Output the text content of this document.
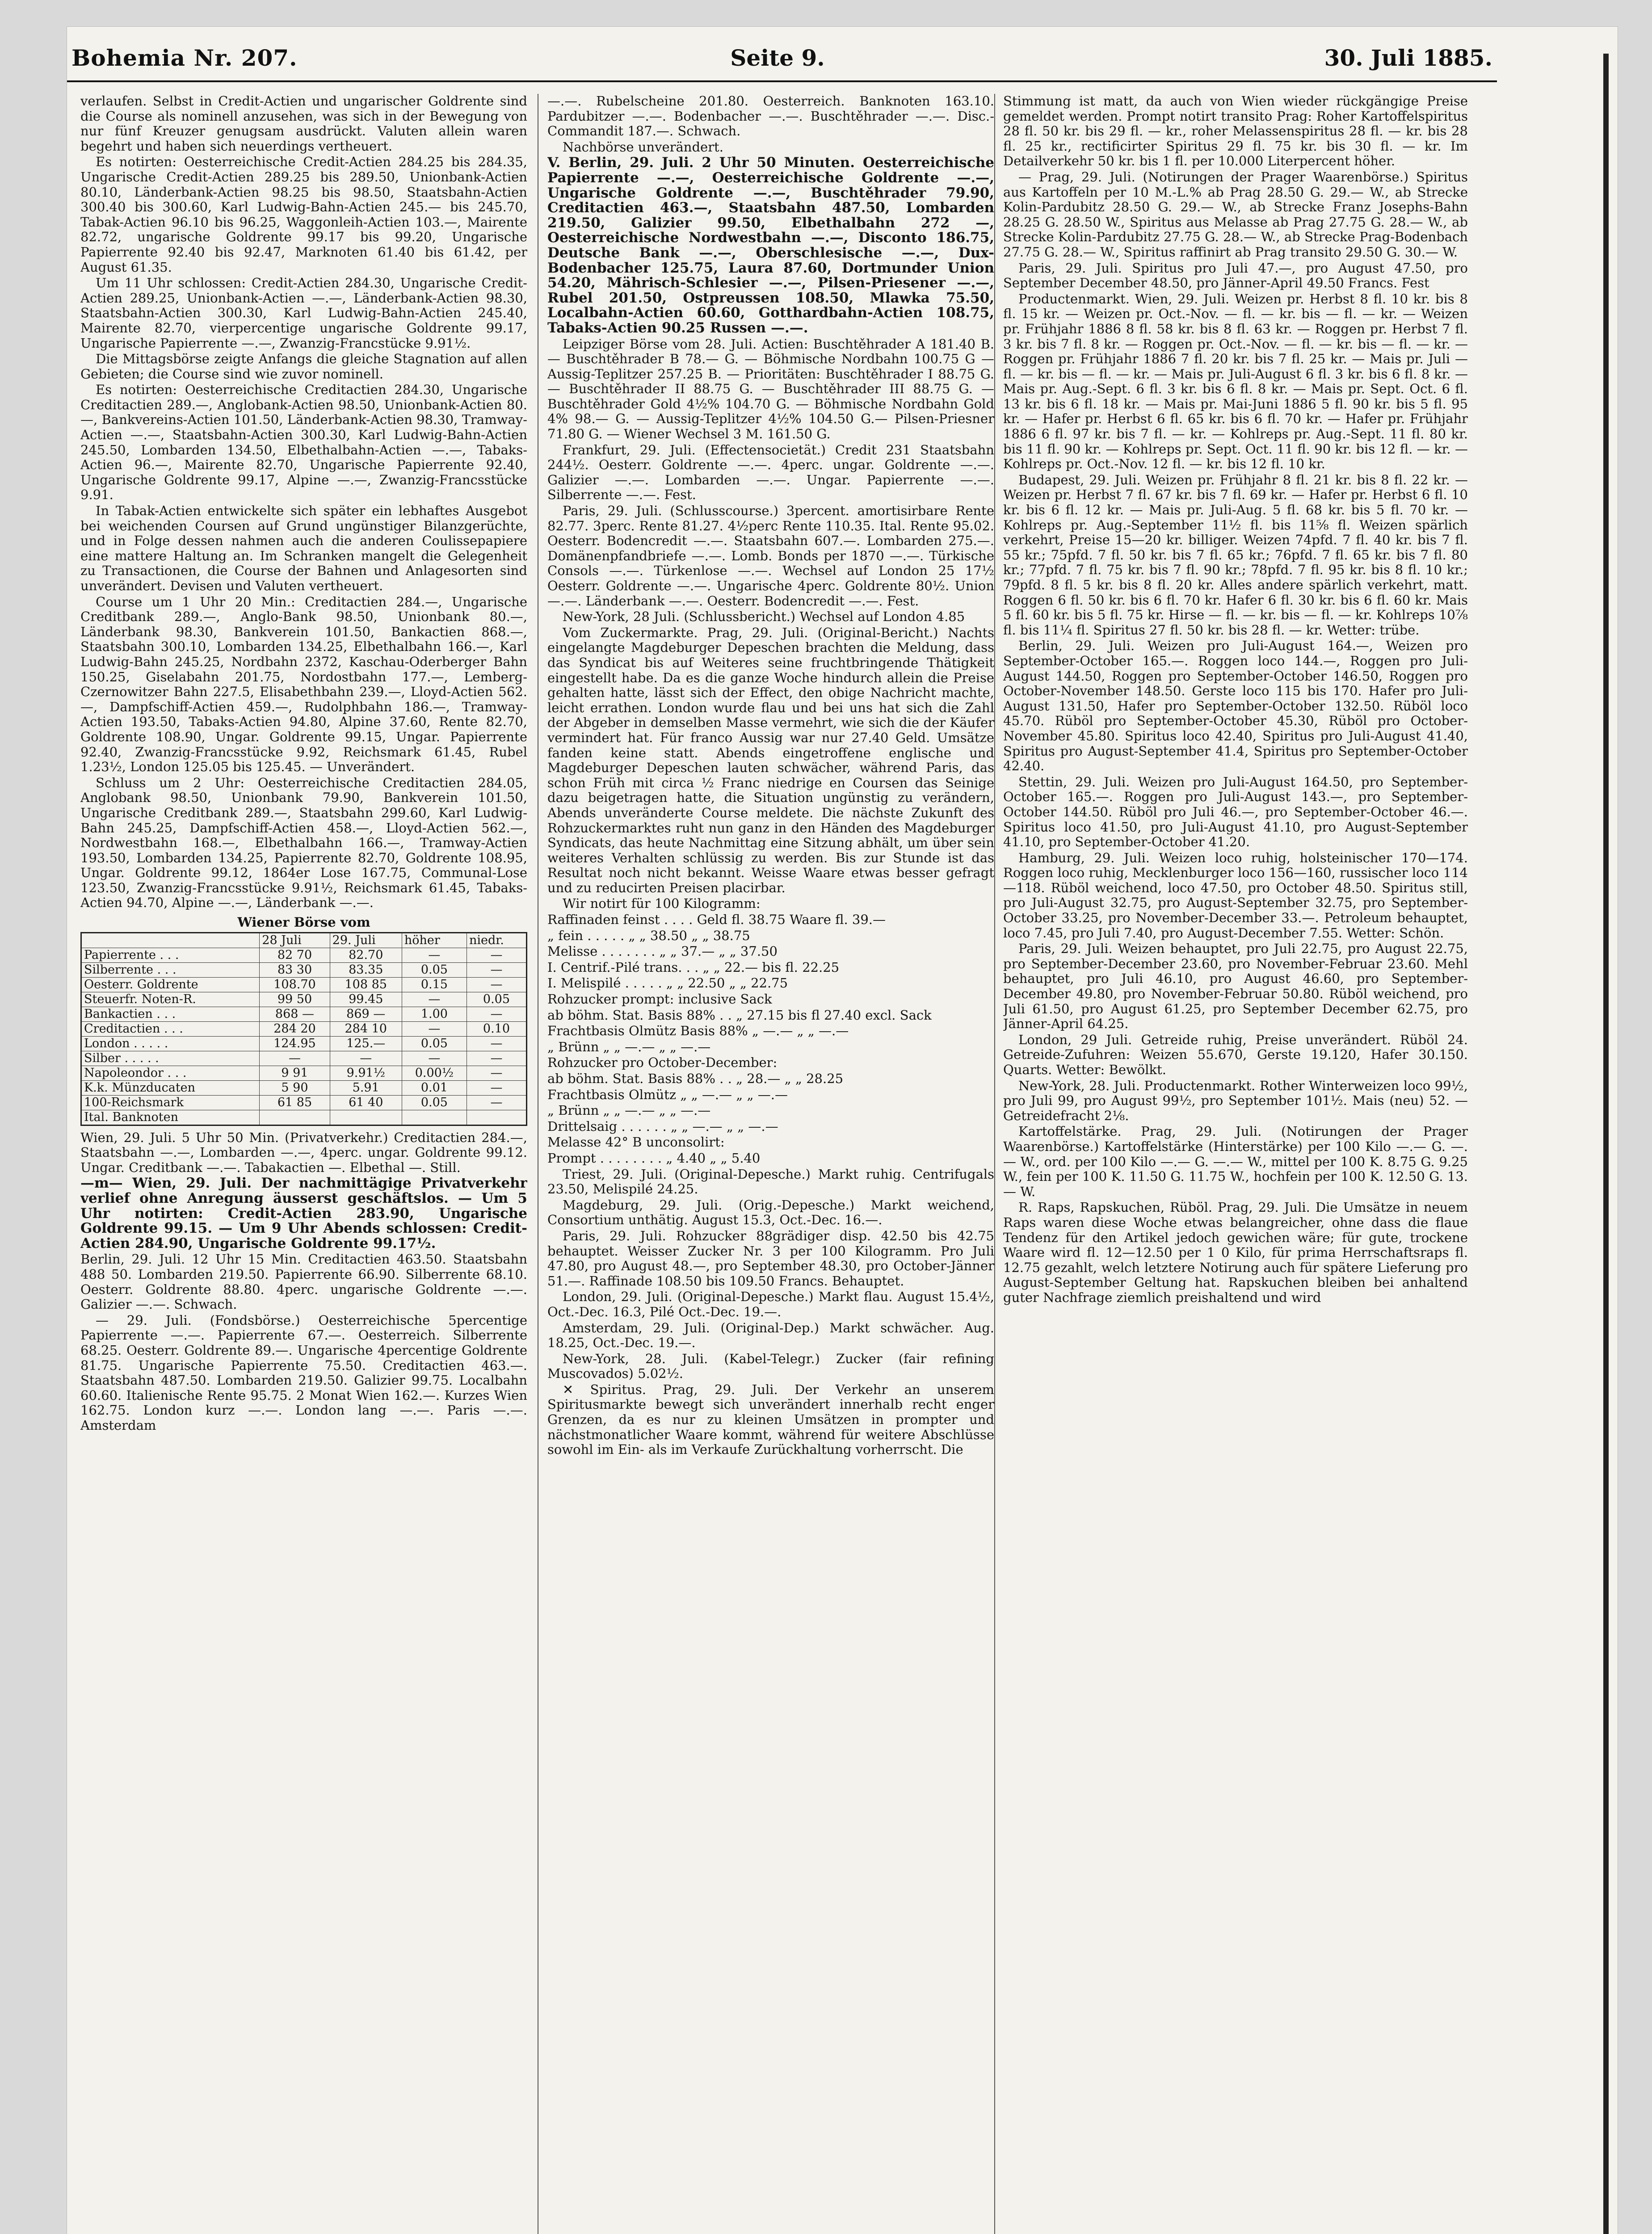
Bohemia Nr. 207.	Seite 9.	30. Juli 1885.

verlaufen. Selbst in Credit-Actien und ungarischer Goldrente sind die Course als nominell anzusehen, was sich in der Bewegung von nur fünf Kreuzer genugsam ausdrückt. Valuten allein waren begehrt und haben sich neuerdings vertheuert.

Es notirten: Oesterreichische Credit-Actien 284.25 bis 284.35, Ungarische Credit-Actien 289.25 bis 289.50, Unionbank-Actien 80.10, Länderbank-Actien 98.25 bis 98.50, Staatsbahn-Actien 300.40 bis 300.60, Karl Ludwig-Bahn-Actien 245.— bis 245.70, Tabak-Actien 96.10 bis 96.25, Waggonleih-Actien 103.—, Mairente 82.72, ungarische Goldrente 99.17 bis 99.20, Ungarische Papierrente 92.40 bis 92.47, Marknoten 61.40 bis 61.42, per August 61.35.

Um 11 Uhr schlossen: Credit-Actien 284.30, Ungarische Credit-Actien 289.25, Unionbank-Actien —.—, Länderbank-Actien 98.30, Staatsbahn-Actien 300.30, Karl Ludwig-Bahn-Actien 245.40, Mairente 82.70, vierpercentige ungarische Goldrente 99.17, Ungarische Papierrente —.—, Zwanzig-Francstücke 9.91½.

Die Mittagsbörse zeigte Anfangs die gleiche Stagnation auf allen Gebieten; die Course sind wie zuvor nominell.

Es notirten: Oesterreichische Creditactien 284.30, Ungarische Creditactien 289.—, Anglobank-Actien 98.50, Unionbank-Actien 80.—, Bankvereins-Actien 101.50, Länderbank-Actien 98.30, Tramway-Actien —.—, Staatsbahn-Actien 300.30, Karl Ludwig-Bahn-Actien 245.50, Lombarden 134.50, Elbethalbahn-Actien —.—, Tabaks-Actien 96.—, Mairente 82.70, Ungarische Papierrente 92.40, Ungarische Goldrente 99.17, Alpine —.—, Zwanzig-Francsstücke 9.91.

In Tabak-Actien entwickelte sich später ein lebhaftes Ausgebot bei weichenden Coursen auf Grund ungünstiger Bilanzgerüchte, und in Folge dessen nahmen auch die anderen Coulissepapiere eine mattere Haltung an. Im Schranken mangelt die Gelegenheit zu Transactionen, die Course der Bahnen und Anlagesorten sind unverändert. Devisen und Valuten vertheuert.

Course um 1 Uhr 20 Min.: Creditactien 284.—, Ungarische Creditbank 289.—, Anglo-Bank 98.50, Unionbank 80.—, Länderbank 98.30, Bankverein 101.50, Bankactien 868.—, Staatsbahn 300.10, Lombarden 134.25, Elbethalbahn 166.—, Karl Ludwig-Bahn 245.25, Nordbahn 2372, Kaschau-Oderberger Bahn 150.25, Giselabahn 201.75, Nordostbahn 177.—, Lemberg-Czernowitzer Bahn 227.5, Elisabethbahn 239.—, Lloyd-Actien 562.—, Dampfschiff-Actien 459.—, Rudolphbahn 186.—, Tramway-Actien 193.50, Tabaks-Actien 94.80, Alpine 37.60, Rente 82.70, Goldrente 108.90, Ungar. Goldrente 99.15, Ungar. Papierrente 92.40, Zwanzig-Francsstücke 9.92, Reichsmark 61.45, Rubel 1.23½, London 125.05 bis 125.45. — Unverändert.

Schluss um 2 Uhr: Oesterreichische Creditactien 284.05, Anglobank 98.50, Unionbank 79.90, Bankverein 101.50, Ungarische Creditbank 289.—, Staatsbahn 299.60, Karl Ludwig-Bahn 245.25, Dampfschiff-Actien 458.—, Lloyd-Actien 562.—, Nordwestbahn 168.—, Elbethalbahn 166.—, Tramway-Actien 193.50, Lombarden 134.25, Papierrente 82.70, Goldrente 108.95, Ungar. Goldrente 99.12, 1864er Lose 167.75, Communal-Lose 123.50, Zwanzig-Francsstücke 9.91½, Reichsmark 61.45, Tabaks-Actien 94.70, Alpine —.—, Länderbank —.—.

Wiener Börse vom
	28 Juli	29. Juli	höher	niedr.
Papierrente . . .	82 70	82.70	—	—
Silberrente . . .	83 30	83.35	0.05	—
Oesterr. Goldrente	108.70	108 85	0.15	—
Steuerfr. Noten-R.	99 50	99.45	—	0.05
Bankactien . . .	868 —	869 —	1.00	—
Creditactien . . .	284 20	284 10	—	0.10
London . . . . .	124.95	125.—	0.05	—
Silber . . . . .	—	—	—	—
Napoleondor . . .	9 91	9.91½	0.00½	—
K.k. Münzducaten	5 90	5.91	0.01	—
100-Reichsmark	61 85	61 40	0.05	—
Ital. Banknoten				

Wien, 29. Juli. 5 Uhr 50 Min. (Privatverkehr.) Creditactien 284.—, Staatsbahn —.—, Lombarden —.—, 4perc. ungar. Goldrente 99.12. Ungar. Creditbank —.—. Tabakactien —. Elbethal —. Still.

—m— Wien, 29. Juli. Der nachmittägige Privatverkehr verlief ohne Anregung äusserst geschäftslos. — Um 5 Uhr notirten: Credit-Actien 283.90, Ungarische Goldrente 99.15. — Um 9 Uhr Abends schlossen: Credit-Actien 284.90, Ungarische Goldrente 99.17½.

Berlin, 29. Juli. 12 Uhr 15 Min. Creditactien 463.50. Staatsbahn 488 50. Lombarden 219.50. Papierrente 66.90. Silberrente 68.10. Oesterr. Goldrente 88.80. 4perc. ungarische Goldrente —.—. Galizier —.—. Schwach.

— 29. Juli. (Fondsbörse.) Oesterreichische 5percentige Papierrente —.—. Papierrente 67.—. Oesterreich. Silberrente 68.25. Oesterr. Goldrente 89.—. Ungarische 4percentige Goldrente 81.75. Ungarische Papierrente 75.50. Creditactien 463.—. Staatsbahn 487.50. Lombarden 219.50. Galizier 99.75. Localbahn 60.60. Italienische Rente 95.75. 2 Monat Wien 162.—. Kurzes Wien 162.75. London kurz —.—. London lang —.—. Paris —.—. Amsterdam

—.—. Rubelscheine 201.80. Oesterreich. Banknoten 163.10. Pardubitzer —.—. Bodenbacher —.—. Buschtěhrader —.—. Disc.-Commandit 187.—. Schwach.

Nachbörse unverändert.

V. Berlin, 29. Juli. 2 Uhr 50 Minuten. Oesterreichische Papierrente —.—, Oesterreichische Goldrente —.—, Ungarische Goldrente —.—, Buschtěhrader 79.90, Creditactien 463.—, Staatsbahn 487.50, Lombarden 219.50, Galizier 99.50, Elbethalbahn 272 —, Oesterreichische Nordwestbahn —.—, Disconto 186.75, Deutsche Bank —.—, Oberschlesische —.—, Dux-Bodenbacher 125.75, Laura 87.60, Dortmunder Union 54.20, Mährisch-Schlesier —.—, Pilsen-Priesener —.—, Rubel 201.50, Ostpreussen 108.50, Mlawka 75.50, Localbahn-Actien 60.60, Gotthardbahn-Actien 108.75, Tabaks-Actien 90.25 Russen —.—.

Leipziger Börse vom 28. Juli. Actien: Buschtěhrader A 181.40 B. — Buschtěhrader B 78.— G. — Böhmische Nordbahn 100.75 G — Aussig-Teplitzer 257.25 B. — Prioritäten: Buschtěhrader I 88.75 G. — Buschtěhrader II 88.75 G. — Buschtěhrader III 88.75 G. — Buschtěhrader Gold 4½% 104.70 G. — Böhmische Nordbahn Gold 4% 98.— G. — Aussig-Teplitzer 4½% 104.50 G.— Pilsen-Priesner 71.80 G. — Wiener Wechsel 3 M. 161.50 G.

Frankfurt, 29. Juli. (Effectensocietät.) Credit 231 Staatsbahn 244½. Oesterr. Goldrente —.—. 4perc. ungar. Goldrente —.—. Galizier —.—. Lombarden —.—. Ungar. Papierrente —.—. Silberrente —.—. Fest.

Paris, 29. Juli. (Schlusscourse.) 3percent. amortisirbare Rente 82.77. 3perc. Rente 81.27. 4½perc Rente 110.35. Ital. Rente 95.02. Oesterr. Bodencredit —.—. Staatsbahn 607.—. Lombarden 275.—. Domänenpfandbriefe —.—. Lomb. Bonds per 1870 —.—. Türkische Consols —.—. Türkenlose —.—. Wechsel auf London 25 17½ Oesterr. Goldrente —.—. Ungarische 4perc. Goldrente 80½. Union —.—. Länderbank —.—. Oesterr. Bodencredit —.—. Fest.

New-York, 28 Juli. (Schlussbericht.) Wechsel auf London 4.85

Vom Zuckermarkte. Prag, 29. Juli. (Original-Bericht.) Nachts eingelangte Magdeburger Depeschen brachten die Meldung, dass das Syndicat bis auf Weiteres seine fruchtbringende Thätigkeit eingestellt habe. Da es die ganze Woche hindurch allein die Preise gehalten hatte, lässt sich der Effect, den obige Nachricht machte, leicht errathen. London wurde flau und bei uns hat sich die Zahl der Abgeber in demselben Masse vermehrt, wie sich die der Käufer vermindert hat. Für franco Aussig war nur 27.40 Geld. Umsätze fanden keine statt. Abends eingetroffene englische und Magdeburger Depeschen lauten schwächer, während Paris, das schon Früh mit circa ½ Franc niedrige en Coursen das Seinige dazu beigetragen hatte, die Situation ungünstig zu verändern, Abends unveränderte Course meldete. Die nächste Zukunft des Rohzuckermarktes ruht nun ganz in den Händen des Magdeburger Syndicats, das heute Nachmittag eine Sitzung abhält, um über sein weiteres Verhalten schlüssig zu werden. Bis zur Stunde ist das Resultat noch nicht bekannt. Weisse Waare etwas besser gefragt und zu reducirten Preisen placirbar.

Wir notirt für 100 Kilogramm:

Raffinaden feinst . . . . Geld fl. 38.75 Waare fl. 39.—

„ fein . . . . . „ „ 38.50 „ „ 38.75

Melisse . . . . . . . „ „ 37.— „ „ 37.50

I. Centrif.-Pilé trans. . . „ „ 22.— bis fl. 22.25

I. Melispilé . . . . . „ „ 22.50 „ „ 22.75

Rohzucker prompt: inclusive Sack

ab böhm. Stat. Basis 88% . . „ 27.15 bis fl 27.40 excl. Sack

Frachtbasis Olmütz Basis 88% „ —.— „ „ —.—

„ Brünn „ „ —.— „ „ —.—

Rohzucker pro October-December:

ab böhm. Stat. Basis 88% . . „ 28.— „ „ 28.25

Frachtbasis Olmütz „ „ —.— „ „ —.—

„ Brünn „ „ —.— „ „ —.—

Drittelsaig . . . . . . „ „ —.— „ „ —.—

Melasse 42° B unconsolirt:

Prompt . . . . . . . . „ 4.40 „ „ 5.40

Triest, 29. Juli. (Original-Depesche.) Markt ruhig. Centrifugals 23.50, Melispilé 24.25.

Magdeburg, 29. Juli. (Orig.-Depesche.) Markt weichend, Consortium unthätig. August 15.3, Oct.-Dec. 16.—.

Paris, 29. Juli. Rohzucker 88grädiger disp. 42.50 bis 42.75 behauptet. Weisser Zucker Nr. 3 per 100 Kilogramm. Pro Juli 47.80, pro August 48.—, pro September 48.30, pro October-Jänner 51.—. Raffinade 108.50 bis 109.50 Francs. Behauptet.

London, 29. Juli. (Original-Depesche.) Markt flau. August 15.4½, Oct.-Dec. 16.3, Pilé Oct.-Dec. 19.—.

Amsterdam, 29. Juli. (Original-Dep.) Markt schwächer. Aug. 18.25, Oct.-Dec. 19.—.

New-York, 28. Juli. (Kabel-Telegr.) Zucker (fair refining Muscovados) 5.02½.

✕ Spiritus. Prag, 29. Juli. Der Verkehr an unserem Spiritusmarkte bewegt sich unverändert innerhalb recht enger Grenzen, da es nur zu kleinen Umsätzen in prompter und nächstmonatlicher Waare kommt, während für weitere Abschlüsse sowohl im Ein- als im Verkaufe Zurückhaltung vorherrscht. Die

Stimmung ist matt, da auch von Wien wieder rückgängige Preise gemeldet werden. Prompt notirt transito Prag: Roher Kartoffelspiritus 28 fl. 50 kr. bis 29 fl. — kr., roher Melassenspiritus 28 fl. — kr. bis 28 fl. 25 kr., rectificirter Spiritus 29 fl. 75 kr. bis 30 fl. — kr. Im Detailverkehr 50 kr. bis 1 fl. per 10.000 Literpercent höher.

— Prag, 29. Juli. (Notirungen der Prager Waarenbörse.) Spiritus aus Kartoffeln per 10 M.-L.% ab Prag 28.50 G. 29.— W., ab Strecke Kolin-Pardubitz 28.50 G. 29.— W., ab Strecke Franz Josephs-Bahn 28.25 G. 28.50 W., Spiritus aus Melasse ab Prag 27.75 G. 28.— W., ab Strecke Kolin-Pardubitz 27.75 G. 28.— W., ab Strecke Prag-Bodenbach 27.75 G. 28.— W., Spiritus raffinirt ab Prag transito 29.50 G. 30.— W.

Paris, 29. Juli. Spiritus pro Juli 47.—, pro August 47.50, pro September December 48.50, pro Jänner-April 49.50 Francs. Fest

Productenmarkt. Wien, 29. Juli. Weizen pr. Herbst 8 fl. 10 kr. bis 8 fl. 15 kr. — Weizen pr. Oct.-Nov. — fl. — kr. bis — fl. — kr. — Weizen pr. Frühjahr 1886 8 fl. 58 kr. bis 8 fl. 63 kr. — Roggen pr. Herbst 7 fl. 3 kr. bis 7 fl. 8 kr. — Roggen pr. Oct.-Nov. — fl. — kr. bis — fl. — kr. — Roggen pr. Frühjahr 1886 7 fl. 20 kr. bis 7 fl. 25 kr. — Mais pr. Juli — fl. — kr. bis — fl. — kr. — Mais pr. Juli-August 6 fl. 3 kr. bis 6 fl. 8 kr. — Mais pr. Aug.-Sept. 6 fl. 3 kr. bis 6 fl. 8 kr. — Mais pr. Sept. Oct. 6 fl. 13 kr. bis 6 fl. 18 kr. — Mais pr. Mai-Juni 1886 5 fl. 90 kr. bis 5 fl. 95 kr. — Hafer pr. Herbst 6 fl. 65 kr. bis 6 fl. 70 kr. — Hafer pr. Frühjahr 1886 6 fl. 97 kr. bis 7 fl. — kr. — Kohlreps pr. Aug.-Sept. 11 fl. 80 kr. bis 11 fl. 90 kr. — Kohlreps pr. Sept. Oct. 11 fl. 90 kr. bis 12 fl. — kr. — Kohlreps pr. Oct.-Nov. 12 fl. — kr. bis 12 fl. 10 kr.

Budapest, 29. Juli. Weizen pr. Frühjahr 8 fl. 21 kr. bis 8 fl. 22 kr. — Weizen pr. Herbst 7 fl. 67 kr. bis 7 fl. 69 kr. — Hafer pr. Herbst 6 fl. 10 kr. bis 6 fl. 12 kr. — Mais pr. Juli-Aug. 5 fl. 68 kr. bis 5 fl. 70 kr. — Kohlreps pr. Aug.-September 11½ fl. bis 11⅝ fl. Weizen spärlich verkehrt, Preise 15—20 kr. billiger. Weizen 74pfd. 7 fl. 40 kr. bis 7 fl. 55 kr.; 75pfd. 7 fl. 50 kr. bis 7 fl. 65 kr.; 76pfd. 7 fl. 65 kr. bis 7 fl. 80 kr.; 77pfd. 7 fl. 75 kr. bis 7 fl. 90 kr.; 78pfd. 7 fl. 95 kr. bis 8 fl. 10 kr.; 79pfd. 8 fl. 5 kr. bis 8 fl. 20 kr. Alles andere spärlich verkehrt, matt. Roggen 6 fl. 50 kr. bis 6 fl. 70 kr. Hafer 6 fl. 30 kr. bis 6 fl. 60 kr. Mais 5 fl. 60 kr. bis 5 fl. 75 kr. Hirse — fl. — kr. bis — fl. — kr. Kohlreps 10⅞ fl. bis 11¼ fl. Spiritus 27 fl. 50 kr. bis 28 fl. — kr. Wetter: trübe.

Berlin, 29. Juli. Weizen pro Juli-August 164.—, Weizen pro September-October 165.—. Roggen loco 144.—, Roggen pro Juli-August 144.50, Roggen pro September-October 146.50, Roggen pro October-November 148.50. Gerste loco 115 bis 170. Hafer pro Juli-August 131.50, Hafer pro September-October 132.50. Rüböl loco 45.70. Rüböl pro September-October 45.30, Rüböl pro October-November 45.80. Spiritus loco 42.40, Spiritus pro Juli-August 41.40, Spiritus pro August-September 41.4, Spiritus pro September-October 42.40.

Stettin, 29. Juli. Weizen pro Juli-August 164.50, pro September-October 165.—. Roggen pro Juli-August 143.—, pro September-October 144.50. Rüböl pro Juli 46.—, pro September-October 46.—. Spiritus loco 41.50, pro Juli-August 41.10, pro August-September 41.10, pro September-October 41.20.

Hamburg, 29. Juli. Weizen loco ruhig, holsteinischer 170—174. Roggen loco ruhig, Mecklenburger loco 156—160, russischer loco 114—118. Rüböl weichend, loco 47.50, pro October 48.50. Spiritus still, pro Juli-August 32.75, pro August-September 32.75, pro September-October 33.25, pro November-December 33.—. Petroleum behauptet, loco 7.45, pro Juli 7.40, pro August-December 7.55. Wetter: Schön.

Paris, 29. Juli. Weizen behauptet, pro Juli 22.75, pro August 22.75, pro September-December 23.60, pro November-Februar 23.60. Mehl behauptet, pro Juli 46.10, pro August 46.60, pro September-December 49.80, pro November-Februar 50.80. Rüböl weichend, pro Juli 61.50, pro August 61.25, pro September December 62.75, pro Jänner-April 64.25.

London, 29 Juli. Getreide ruhig, Preise unverändert. Rüböl 24. Getreide-Zufuhren: Weizen 55.670, Gerste 19.120, Hafer 30.150. Quarts. Wetter: Bewölkt.

New-York, 28. Juli. Productenmarkt. Rother Winterweizen loco 99½, pro Juli 99, pro August 99½, pro September 101½. Mais (neu) 52. — Getreidefracht 2⅛.

Kartoffelstärke. Prag, 29. Juli. (Notirungen der Prager Waarenbörse.) Kartoffelstärke (Hinterstärke) per 100 Kilo —.— G. —.— W., ord. per 100 Kilo —.— G. —.— W., mittel per 100 K. 8.75 G. 9.25 W., fein per 100 K. 11.50 G. 11.75 W., hochfein per 100 K. 12.50 G. 13.— W.

R. Raps, Rapskuchen, Rüböl. Prag, 29. Juli. Die Umsätze in neuem Raps waren diese Woche etwas belangreicher, ohne dass die flaue Tendenz für den Artikel jedoch gewichen wäre; für gute, trockene Waare wird fl. 12—12.50 per 1 0 Kilo, für prima Herrschaftsraps fl. 12.75 gezahlt, welch letztere Notirung auch für spätere Lieferung pro August-September Geltung hat. Rapskuchen bleiben bei anhaltend guter Nachfrage ziemlich preishaltend und wird
